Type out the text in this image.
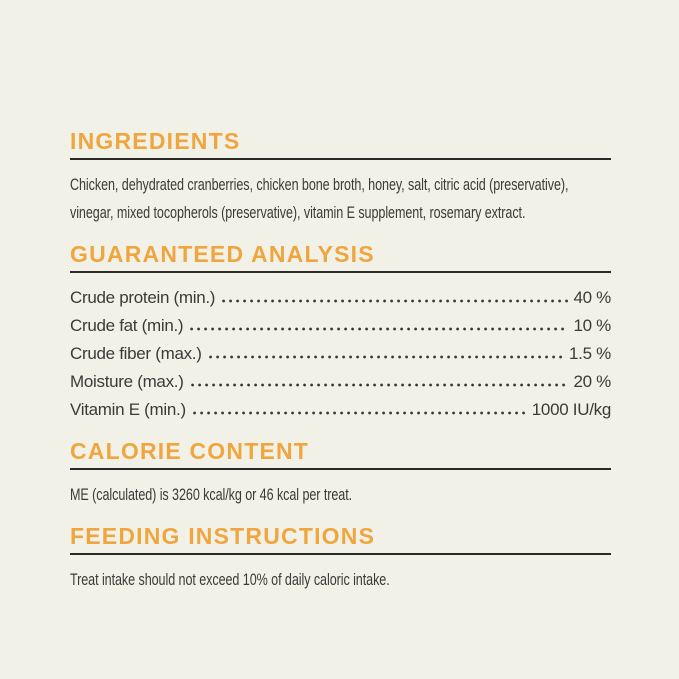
INGREDIENTS

Chicken, dehydrated cranberries, chicken bone broth, honey, salt, citric acid (preservative), vinegar, mixed tocopherols (preservative), vitamin E supplement, rosemary extract.

GUARANTEED ANALYSIS
Crude protein (min.)	40 %
Crude fat (min.)	10 %
Crude fiber (max.)	1.5 %
Moisture (max.)	20 %
Vitamin E (min.)	1000 IU/kg
CALORIE CONTENT

ME (calculated) is 3260 kcal/kg or 46 kcal per treat.

FEEDING INSTRUCTIONS

Treat intake should not exceed 10% of daily caloric intake.
